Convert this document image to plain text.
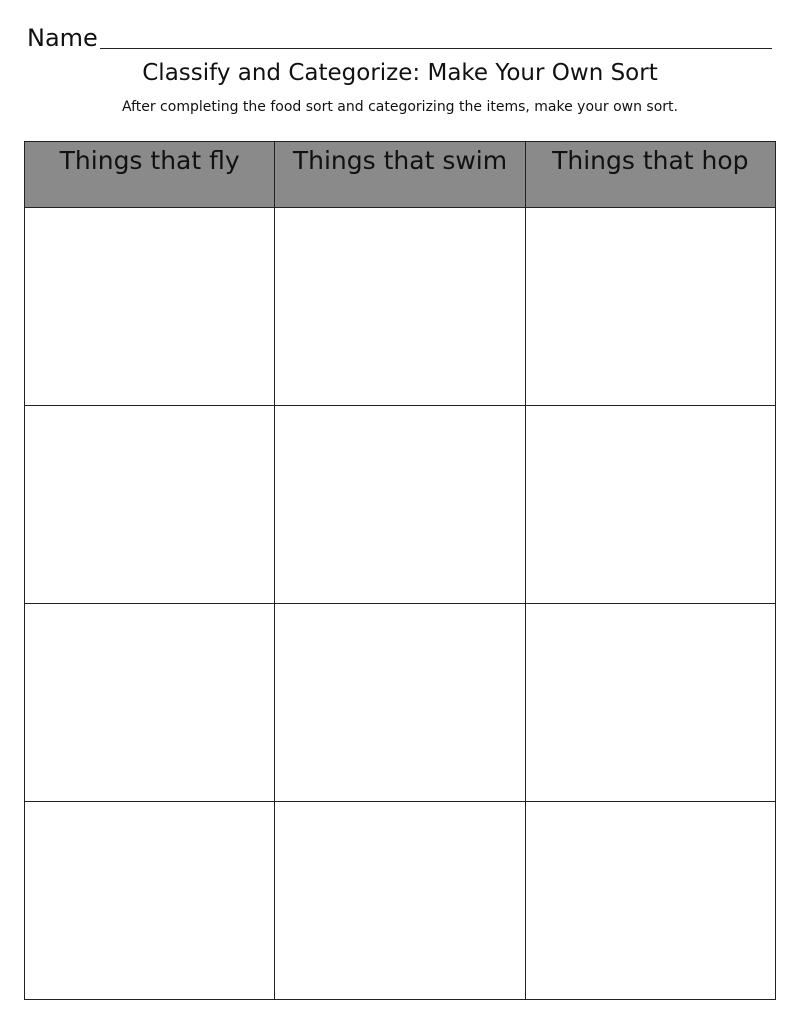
Name
Classify and Categorize: Make Your Own Sort
After completing the food sort and categorizing the items, make your own sort.
Things that fly	Things that swim	Things that hop
